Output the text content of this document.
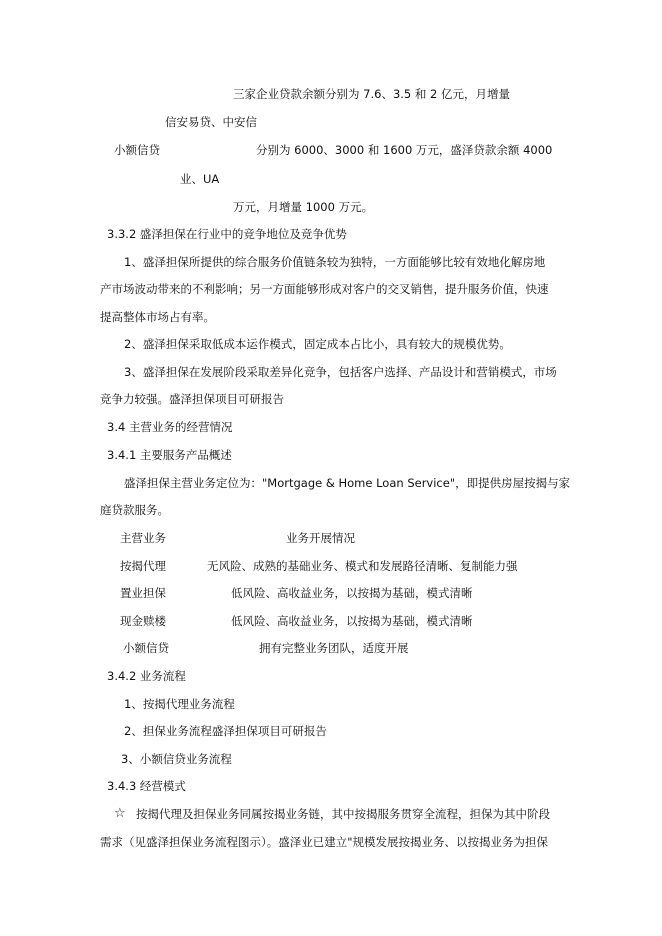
三家企业贷款余额分别为 7.6、3.5 和 2 亿元，月增量
信安易贷、中安信
小额信贷	分别为 6000、3000 和 1600 万元，盛泽贷款余额 4000
业、UA
万元，月增量 1000 万元。
3.3.2 盛泽担保在行业中的竞争地位及竞争优势
1、盛泽担保所提供的综合服务价值链条较为独特，一方面能够比较有效地化解房地
产市场波动带来的不利影响；另一方面能够形成对客户的交叉销售，提升服务价值，快速
提高整体市场占有率。
2、盛泽担保采取低成本运作模式，固定成本占比小，具有较大的规模优势。
3、盛泽担保在发展阶段采取差异化竞争，包括客户选择、产品设计和营销模式，市场
竞争力较强。盛泽担保项目可研报告
3.4 主营业务的经营情况
3.4.1 主要服务产品概述
盛泽担保主营业务定位为："Mortgage & Home Loan Service"，即提供房屋按揭与家
庭贷款服务。
主营业务	业务开展情况
按揭代理	无风险、成熟的基础业务、模式和发展路径清晰、复制能力强
置业担保	低风险、高收益业务，以按揭为基础，模式清晰
现金赎楼	低风险、高收益业务，以按揭为基础，模式清晰
小额信贷	拥有完整业务团队，适度开展
3.4.2 业务流程
1、按揭代理业务流程
2、担保业务流程盛泽担保项目可研报告
3、小额信贷业务流程
3.4.3 经营模式
☆ 按揭代理及担保业务同属按揭业务链，其中按揭服务贯穿全流程，担保为其中阶段
需求（见盛泽担保业务流程图示）。盛泽业已建立"规模发展按揭业务、以按揭业务为担保
